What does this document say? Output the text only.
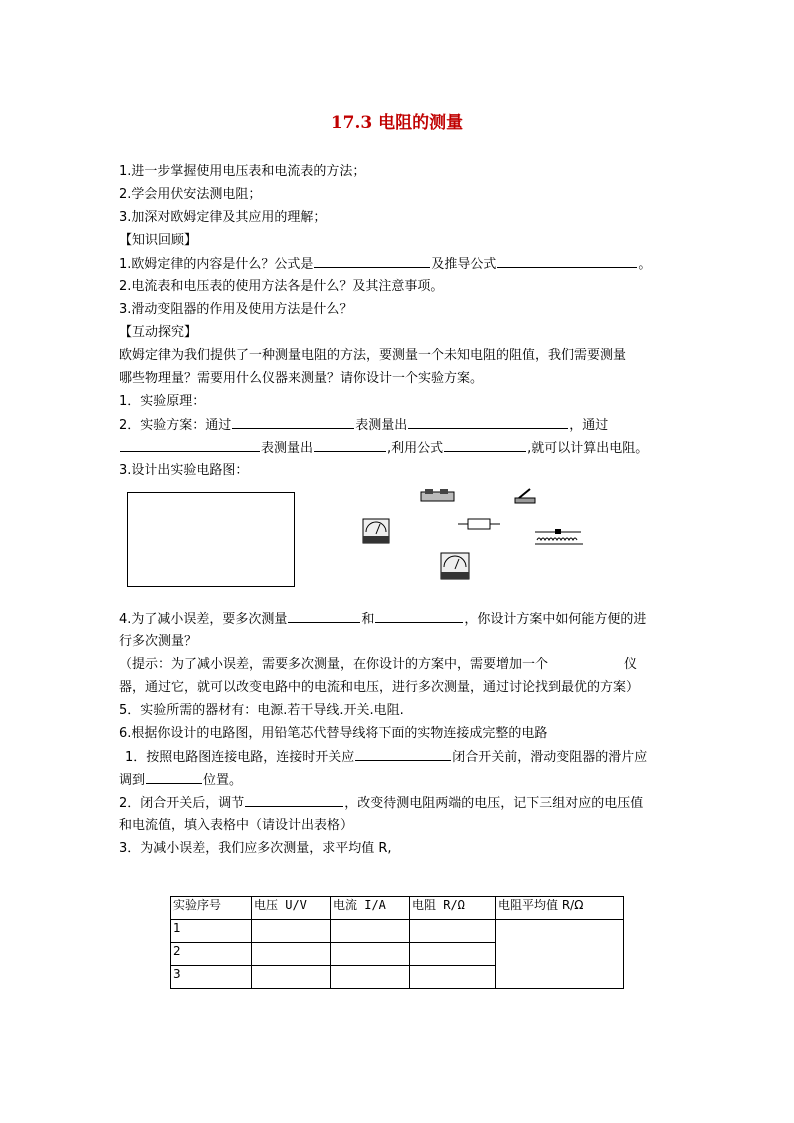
17.3 电阻的测量
1.进一步掌握使用电压表和电流表的方法；
2.学会用伏安法测电阻；
3.加深对欧姆定律及其应用的理解；
【知识回顾】
1.欧姆定律的内容是什么？公式是	及推导公式	。
2.电流表和电压表的使用方法各是什么？及其注意事项。
3.滑动变阻器的作用及使用方法是什么？
【互动探究】
欧姆定律为我们提供了一种测量电阻的方法，要测量一个未知电阻的阻值，我们需要测量
哪些物理量？需要用什么仪器来测量？请你设计一个实验方案。
1．实验原理：
2．实验方案：通过	表测量出	，通过
表测量出	,利用公式	,就可以计算出电阻。
3.设计出实验电路图：
4.为了减小误差，要多次测量	和	，你设计方案中如何能方便的进
行多次测量？
（提示：为了减小误差，需要多次测量，在你设计的方案中，需要增加一个	仪
器，通过它，就可以改变电路中的电流和电压，进行多次测量，通过讨论找到最优的方案）
5．实验所需的器材有：电源.若干导线.开关.电阻.
6.根据你设计的电路图，用铅笔芯代替导线将下面的实物连接成完整的电路
1．按照电路图连接电路，连接时开关应	闭合开关前，滑动变阻器的滑片应
调到	位置。
2．闭合开关后，调节	，改变待测电阻两端的电压，记下三组对应的电压值
和电流值，填入表格中（请设计出表格）
3．为减小误差，我们应多次测量，求平均值 R,
实验序号	电压 U/V	电流 I/A	电阻 R/Ω	电阻平均值 R/Ω
1				
2				
3				
